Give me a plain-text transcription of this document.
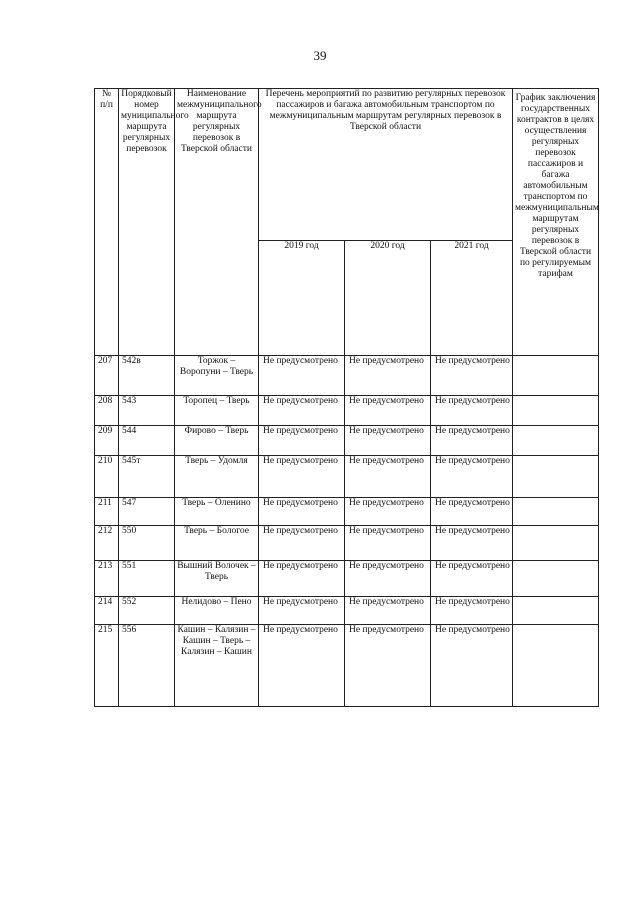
39
№ п/п	Порядковый номер муниципального маршрута регулярных перевозок	Наименование межмуниципального маршрута регулярных перевозок в Тверской области	Перечень мероприятий по развитию регулярных перевозок пассажиров и багажа автомобильным транспортом по межмуниципальным маршрутам регулярных перевозок в Тверской области			График заключения государственных контрактов в целях осуществления регулярных перевозок пассажиров и багажа автомобильным транспортом по межмуниципальным маршрутам регулярных перевозок в Тверской области по регулируемым тарифам
			2019 год	2020 год	2021 год	
207	542в	Торжок – Воропуни – Тверь	Не предусмотрено	Не предусмотрено	Не предусмотрено	
208	543	Торопец – Тверь	Не предусмотрено	Не предусмотрено	Не предусмотрено	
209	544	Фирово – Тверь	Не предусмотрено	Не предусмотрено	Не предусмотрено	
210	545т	Тверь – Удомля	Не предусмотрено	Не предусмотрено	Не предусмотрено	
211	547	Тверь – Оленино	Не предусмотрено	Не предусмотрено	Не предусмотрено	
212	550	Тверь – Бологое	Не предусмотрено	Не предусмотрено	Не предусмотрено	
213	551	Вышний Волочек – Тверь	Не предусмотрено	Не предусмотрено	Не предусмотрено	
214	552	Нелидово – Пено	Не предусмотрено	Не предусмотрено	Не предусмотрено	
215	556	Кашин – Калязин – Кашин – Тверь – Калязин – Кашин	Не предусмотрено	Не предусмотрено	Не предусмотрено	
